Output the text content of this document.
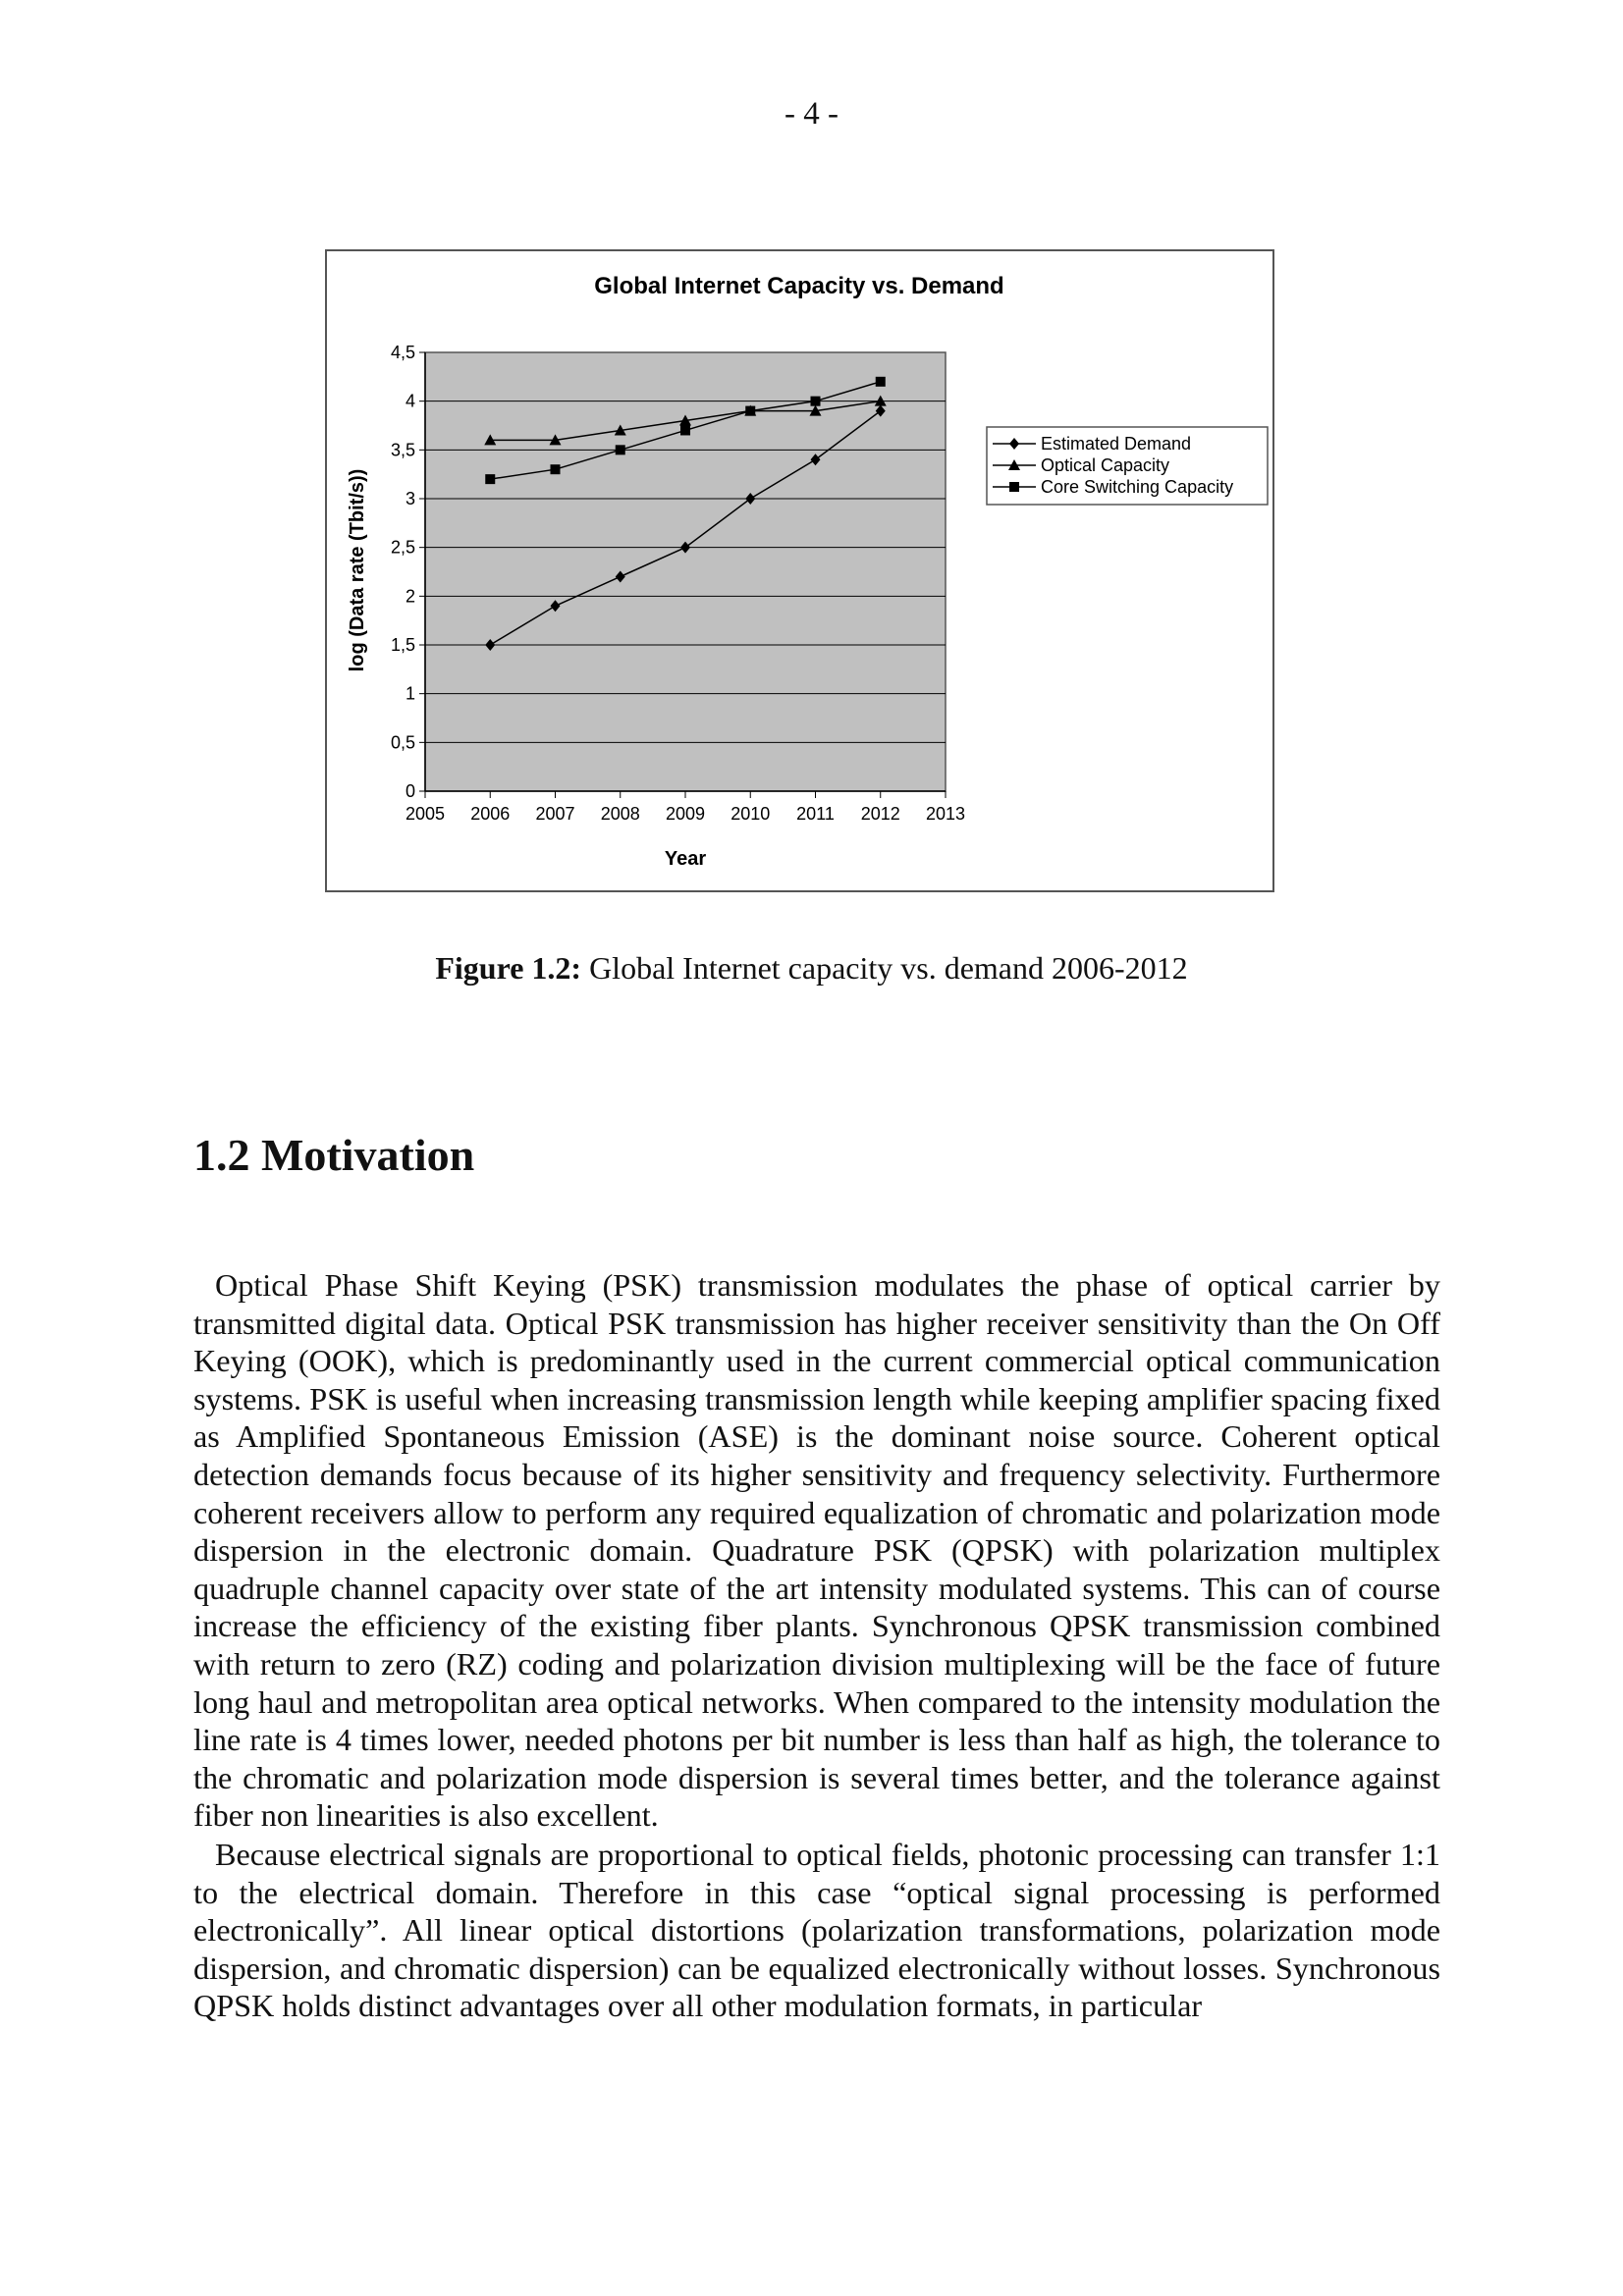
- 4 -
0
0,5
1
1,5
2
2,5
3
3,5
4
4,5
2005 2006 2007 2008 2009 2010 2011 2012 2013
Estimated Demand
Optical Capacity
Core Switching Capacity
Global Internet Capacity vs. Demand
Year
log (Data rate (Tbit/s))
Figure 1.2: Global Internet capacity vs. demand 2006-2012
1.2 Motivation

Optical Phase Shift Keying (PSK) transmission modulates the phase of optical carrier by transmitted digital data. Optical PSK transmission has higher receiver sensitivity than the On Off Keying (OOK), which is predominantly used in the current commercial optical communication systems. PSK is useful when increasing transmission length while keeping amplifier spacing fixed as Amplified Spontaneous Emission (ASE) is the dominant noise source. Coherent optical detection demands focus because of its higher sensitivity and frequency selectivity. Furthermore coherent receivers allow to perform any required equalization of chromatic and polarization mode dispersion in the electronic domain. Quadrature PSK (QPSK) with polarization multiplex quadruple channel capacity over state of the art intensity modulated systems. This can of course increase the efficiency of the existing fiber plants. Synchronous QPSK transmission combined with return to zero (RZ) coding and polarization division multiplexing will be the face of future long haul and metropolitan area optical networks. When compared to the intensity modulation the line rate is 4 times lower, needed photons per bit number is less than half as high, the tolerance to the chromatic and polarization mode dispersion is several times better, and the tolerance against fiber non linearities is also excellent.

Because electrical signals are proportional to optical fields, photonic processing can transfer 1:1 to the electrical domain. Therefore in this case “optical signal processing is performed electronically”. All linear optical distortions (polarization transformations, polarization mode dispersion, and chromatic dispersion) can be equalized electronically without losses. Synchronous QPSK holds distinct advantages over all other modulation formats, in particular
